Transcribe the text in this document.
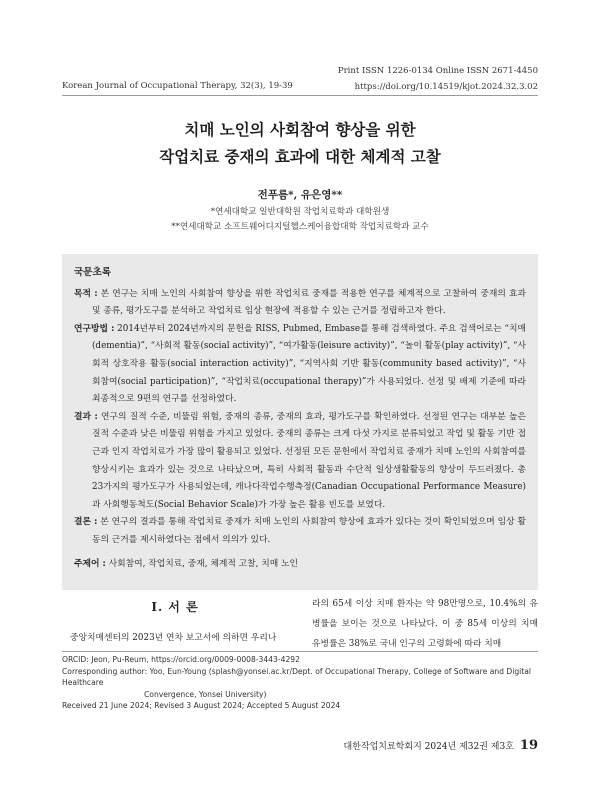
Print ISSN 1226-0134 Online ISSN 2671-4450
https://doi.org/10.14519/kjot.2024.32.3.02
Korean Journal of Occupational Therapy, 32(3), 19-39
치매 노인의 사회참여 향상을 위한
작업치료 중재의 효과에 대한 체계적 고찰
전푸름*, 유은영**
*연세대학교 일반대학원 작업치료학과 대학원생
**연세대학교 소프트웨어디지털헬스케어융합대학 작업치료학과 교수
국문초록
목적 : 본 연구는 치매 노인의 사회참여 향상을 위한 작업치료 중재를 적용한 연구를 체계적으로 고찰하여 중재의 효과 및 종류, 평가도구를 분석하고 작업치료 임상 현장에 적용할 수 있는 근거를 정립하고자 한다.
연구방법 : 2014년부터 2024년까지의 문헌을 RISS, Pubmed, Embase를 통해 검색하였다. 주요 검색어로는 “치매(dementia)”, “사회적 활동(social activity)”, “여가활동(leisure activity)”, “놀이 활동(play activity)”, “사회적 상호작용 활동(social interaction activity)”, “지역사회 기반 활동(community based activity)”, “사회참여(social participation)”, “작업치료(occupational therapy)”가 사용되었다. 선정 및 배제 기준에 따라 최종적으로 9편의 연구를 선정하였다.
결과 : 연구의 질적 수준, 비뚤림 위험, 중재의 종류, 중재의 효과, 평가도구를 확인하였다. 선정된 연구는 대부분 높은 질적 수준과 낮은 비뚤림 위험을 가지고 있었다. 중재의 종류는 크게 다섯 가지로 분류되었고 작업 및 활동 기반 접근과 인지 작업치료가 가장 많이 활용되고 있었다. 선정된 모든 문헌에서 작업치료 중재가 치매 노인의 사회참여를 향상시키는 효과가 있는 것으로 나타났으며, 특히 사회적 활동과 수단적 일상생활활동의 향상이 두드러졌다. 총 23가지의 평가도구가 사용되었는데, 캐나다작업수행측정(Canadian Occupational Performance Measure)과 사회행동척도(Social Behavior Scale)가 가장 높은 활용 빈도를 보였다.
결론 : 본 연구의 결과를 통해 작업치료 중재가 치매 노인의 사회참여 향상에 효과가 있다는 것이 확인되었으며 임상 활동의 근거를 제시하였다는 점에서 의의가 있다.
주제어 : 사회참여, 작업치료, 중재, 체계적 고찰, 치매 노인
Ⅰ. 서 론
중앙치매센터의 2023년 연차 보고서에 의하면 우리나
라의 65세 이상 치매 환자는 약 98만명으로, 10.4%의 유병률을 보이는 것으로 나타났다. 이 중 85세 이상의 치매 유병률은 38%로 국내 인구의 고령화에 따라 치매
ORCID: Jeon, Pu-Reum, https://orcid.org/0009-0008-3443-4292
Corresponding author: Yoo, Eun-Young (splash@yonsei.ac.kr/Dept. of Occupational Therapy, College of Software and Digital Healthcare
Convergence, Yonsei University)
Received 21 June 2024; Revised 3 August 2024; Accepted 5 August 2024
대한작업치료학회지 2024년 제32권 제3호 19
